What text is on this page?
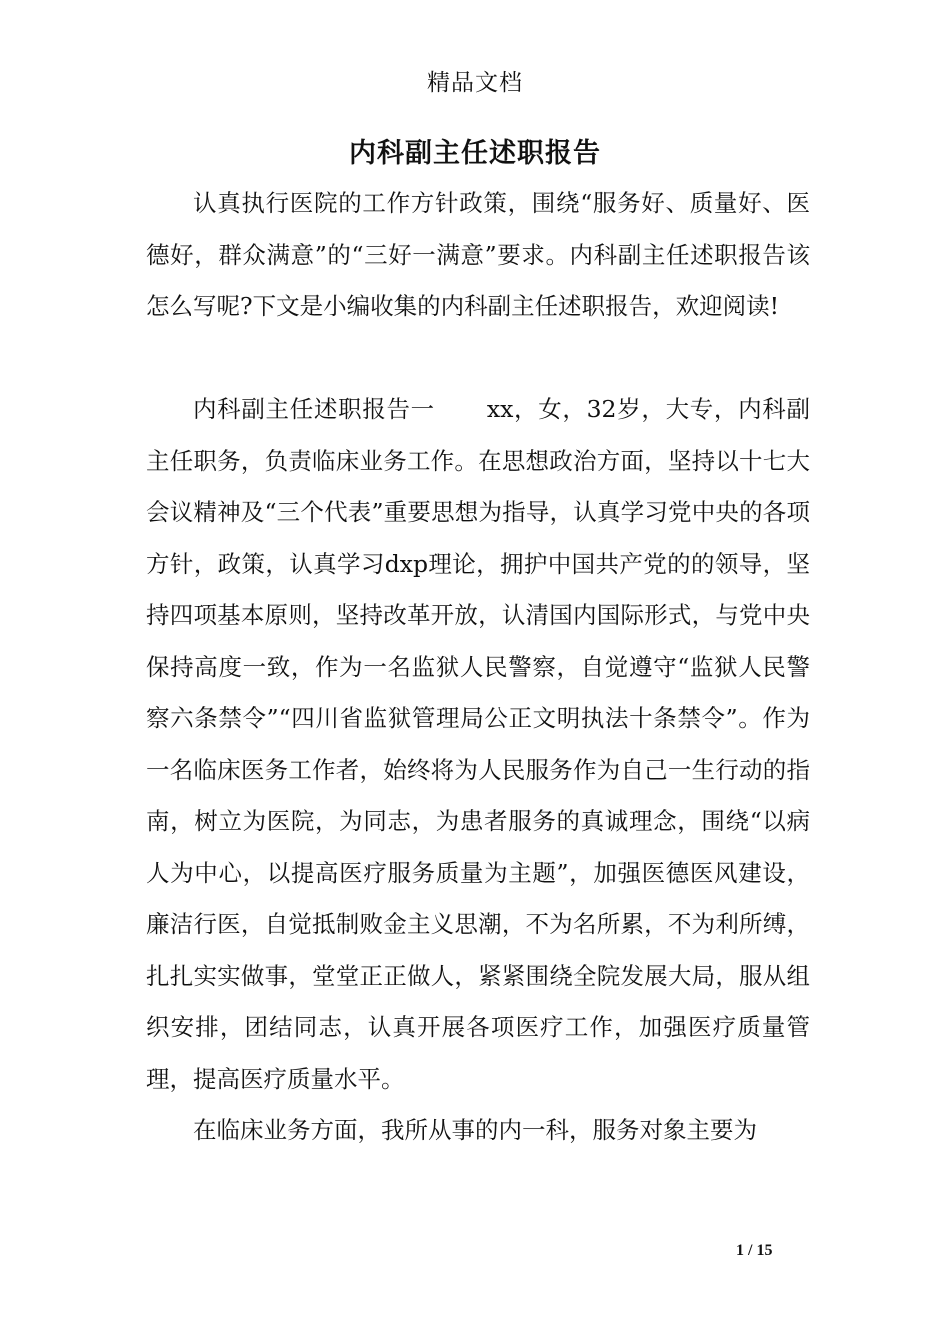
精品文档
内科副主任述职报告

认真执行医院的工作方针政策，围绕“服务好、质量好、医德好，群众满意”的“三好一满意”要求。内科副主任述职报告该怎么写呢?下文是小编收集的内科副主任述职报告，欢迎阅读!

内科副主任述职报告一 xx，女，32岁，大专，内科副主任职务，负责临床业务工作。在思想政治方面，坚持以十七大会议精神及“三个代表”重要思想为指导，认真学习党中央的各项方针，政策，认真学习dxp理论，拥护中国共产党的的领导，坚持四项基本原则，坚持改革开放，认清国内国际形式，与党中央保持高度一致，作为一名监狱人民警察，自觉遵守“监狱人民警察六条禁令”“四川省监狱管理局公正文明执法十条禁令”。作为一名临床医务工作者，始终将为人民服务作为自己一生行动的指南，树立为医院，为同志，为患者服务的真诚理念，围绕“以病人为中心，以提高医疗服务质量为主题”，加强医德医风建设，廉洁行医，自觉抵制败金主义思潮，不为名所累，不为利所缚，扎扎实实做事，堂堂正正做人，紧紧围绕全院发展大局，服从组织安排，团结同志，认真开展各项医疗工作，加强医疗质量管理，提高医疗质量水平。

在临床业务方面，我所从事的内一科，服务对象主要为

1 / 15
